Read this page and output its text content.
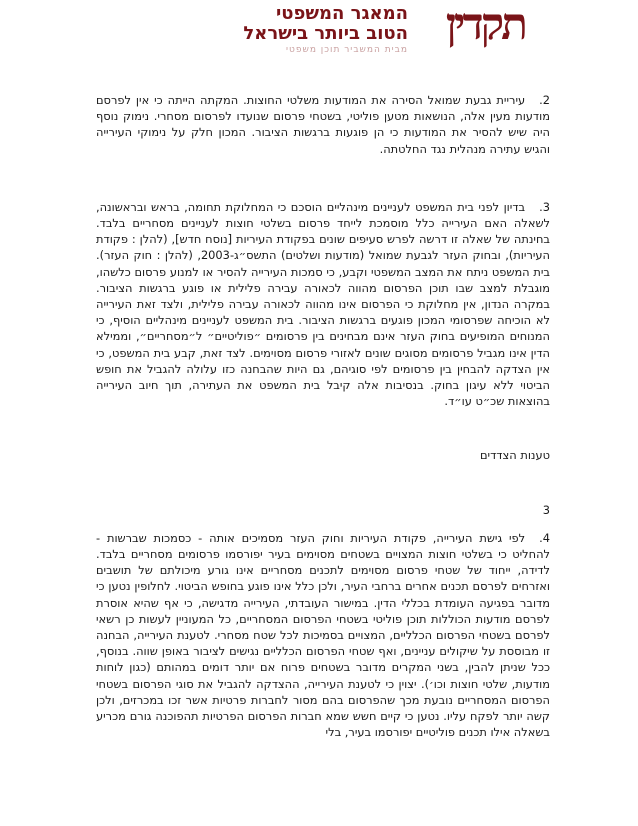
המאגר המשפטי
הטוב ביותר בישראל
מבית המשביר תוכן משפטי תקדין

2.עיריית גבעת שמואל הסירה את המודעות משלטי החוצות. המקתה הייתה כי אין לפרסם מודעות מעין אלה, הנושאות מטען פוליטי, בשטחי פרסום שנועדו לפרסום מסחרי. נימוק נוסף היה שיש להסיר את המודעות כי הן פוגעות ברגשות הציבור. המכון חלק על נימוקי העירייה והגיש עתירה מנהלית נגד החלטתה.

3.בדיון לפני בית המשפט לעניינים מינהליים הוסכם כי המחלוקת תחומה, בראש ובראשונה, לשאלה האם העירייה כלל מוסמכת לייחד פרסום בשלטי חוצות לעניינים מסחריים בלבד. בחינתה של שאלה זו דרשה לפרש סעיפים שונים בפקודת העיריות [נוסח חדש], (להלן : פקודת העיריות), ובחוק העזר לגבעת שמואל (מודעות ושלטים) התשס״ג-2003, (להלן : חוק העזר). בית המשפט ניתח את המצב המשפטי וקבע, כי סמכות העירייה להסיר או למנוע פרסום כלשהו, מוגבלת למצב שבו תוכן הפרסום מהווה לכאורה עבירה פלילית או פוגע ברגשות הציבור. במקרה הנדון, אין מחלוקת כי הפרסום אינו מהווה לכאורה עבירה פלילית, ולצד זאת העירייה לא הוכיחה שפרסומי המכון פוגעים ברגשות הציבור. בית המשפט לעניינים מינהליים הוסיף, כי המנוחים המופיעים בחוק העזר אינם מבחינים בין פרסומים ״פוליטיים״ ל״מסחריים״, וממילא הדין אינו מגביל פרסומים מסוגים שונים לאזורי פרסום מסוימים. לצד זאת, קבע בית המשפט, כי אין הצדקה להבחין בין פרסומים לפי סוגיהם, גם היות שהבחנה כזו עלולה להגביל את חופש הביטוי ללא עיגון בחוק. בנסיבות אלה קיבל בית המשפט את העתירה, תוך חיוב העירייה בהוצאות שכ״ט עו״ד.

טענות הצדדים

3

4.לפי גישת העירייה, פקודת העיריות וחוק העזר מסמיכים אותה - כסמכות שברשות - להחליט כי בשלטי חוצות המצויים בשטחים מסוימים בעיר יפורסמו פרסומים מסחריים בלבד. לדידה, ייחוד של שטחי פרסום מסוימים לתכנים מסחריים אינו גורע מיכולתם של תושבים ואזרחים לפרסם תכנים אחרים ברחבי העיר, ולכן כלל אינו פוגע בחופש הביטוי. לחלופין נטען כי מדובר בפגיעה העומדת בכללי הדין. במישור העובדתי, העירייה מדגישה, כי אף שהיא אוסרת לפרסם מודעות הכוללות תוכן פוליטי בשטחי הפרסום המסחריים, כל המעוניין לעשות כן רשאי לפרסם בשטחי הפרסום הכלליים, המצויים בסמיכות לכל שטח מסחרי. לטענת העירייה, הבחנה זו מבוססת על שיקולים עניינים, ואף שטחי הפרסום הכלליים נגישים לציבור באופן שווה. בנוסף, ככל שניתן להבין, בשני המקרים מדובר בשטחים פרוח אם יותר דומים במהותם (כגון לוחות מודעות, שלטי חוצות וכו׳). יצוין כי לטענת העירייה, ההצדקה להגביל את סוגי הפרסום בשטחי הפרסום המסחריים נובעת מכך שהפרסום בהם מסור לחברות פרטיות אשר זכו במכרזים, ולכן קשה יותר לפקח עליו. נטען כי קיים חשש שמא חברות הפרסום הפרטיות תהפוכנה גורם מכריע בשאלה אילו תכנים פוליטיים יפורסמו בעיר, בלי
